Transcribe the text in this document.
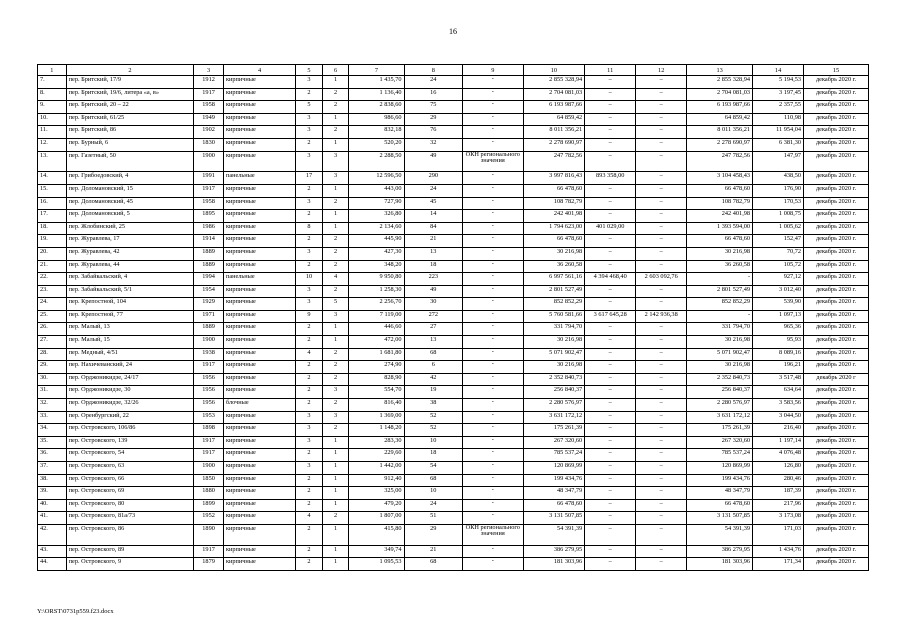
16
1	2	3	4	5	6	7	8	9	10	11	12	13	14	15
7.	пер. Бритский, 17/9	1912	кирпичные	3	1	1 435,70	24	-	2 855 328,94	–	–	2 855 328,94	5 194,53	декабрь 2020 г.
8.	пер. Бритский, 19/6, литера «а, в»	1917	кирпичные	2	2	1 136,40	16	-	2 704 081,03	–	–	2 704 081,03	3 197,45	декабрь 2020 г.
9.	пер. Бритский, 20 – 22	1958	кирпичные	5	2	2 838,60	75	-	6 193 987,66	–	–	6 193 987,66	2 357,55	декабрь 2020 г.
10.	пер. Бритский, 61/25	1949	кирпичные	3	1	986,60	29	-	64 859,42	–	–	64 859,42	110,98	декабрь 2020 г.
11.	пер. Бритский, 86	1902	кирпичные	3	2	832,18	76	-	8 011 356,21	–	–	8 011 356,21	11 954,04	декабрь 2020 г.
12.	пер. Бурный, 6	1830	кирпичные	2	1	520,20	32	-	2 278 690,97	–	–	2 278 690,97	6 381,30	декабрь 2020 г.
13.	пер. Газетный, 50	1900	кирпичные	3	3	2 288,50	49	ОКН регионального значения	247 782,56	–	–	247 782,56	147,97	декабрь 2020 г.
14.	пер. Грибоедовский, 4	1991	панельные	17	3	12 596,50	290	-	3 997 816,43	893 358,00	–	3 104 458,43	438,50	декабрь 2020 г.
15.	пер. Доломановский, 15	1917	кирпичные	2	1	443,00	24	-	66 478,60	–	–	66 478,60	176,90	декабрь 2020 г.
16.	пер. Доломановский, 45	1958	кирпичные	3	2	727,90	45	-	108 782,79	–	–	108 782,79	170,53	декабрь 2020 г.
17.	пер. Доломановский, 5	1895	кирпичные	2	1	326,80	14	-	242 401,98	–	–	242 401,98	1 008,75	декабрь 2020 г.
18.	пер. Жлобинский, 25	1986	кирпичные	8	1	2 134,60	84	-	1 794 623,00	401 029,00	–	1 393 594,00	1 005,62	декабрь 2020 г.
19.	пер. Журавлева, 17	1914	кирпичные	2	2	445,90	21	-	66 478,60	–	–	66 478,60	152,47	декабрь 2020 г.
20.	пер. Журавлева, 42	1889	кирпичные	3	2	427,30	13	-	30 216,98	–	–	30 216,98	70,72	декабрь 2020 г.
21.	пер. Журавлева, 44	1889	кирпичные	2	2	348,20	18	-	36 260,58	–	–	36 260,58	105,72	декабрь 2020 г.
22.	пер. Забайкальский, 4	1994	панельные	10	4	9 950,80	223	-	6 997 561,16	4 394 468,40	2 603 092,76	-	927,12	декабрь 2020 г.
23.	пер. Забайкальский, 5/1	1954	кирпичные	3	2	1 258,30	49	-	2 801 527,49	–	–	2 801 527,49	3 012,40	декабрь 2020 г.
24.	пер. Крепостной, 104	1929	кирпичные	3	5	2 256,70	30	-	852 852,29	–	–	852 852,29	539,90	декабрь 2020 г.
25.	пер. Крепостной, 77	1971	кирпичные	9	3	7 119,00	272	-	5 760 581,66	3 617 645,28	2 142 936,38	-	1 097,13	декабрь 2020 г.
26.	пер. Малый, 13	1889	кирпичные	2	1	446,60	27	-	331 794,70	–	–	331 794,70	965,36	декабрь 2020 г.
27.	пер. Малый, 15	1900	кирпичные	2	1	472,00	13	-	30 216,98	–	–	30 216,98	95,93	декабрь 2020 г.
28.	пер. Медный, 4/51	1938	кирпичные	4	2	1 681,80	68	-	5 071 902,47	–	–	5 071 902,47	8 089,16	декабрь 2020 г.
29.	пер. Нахичеванский, 24	1917	кирпичные	2	2	274,90	6	-	30 216,98	–	–	30 216,98	196,21	декабрь 2020 г.
30.	пер. Орджоникидзе, 24/17	1956	кирпичные	2	2	828,90	42	-	2 352 840,73	–	–	2 352 840,73	3 517,48	декабрь 2020 г
31.	пер. Орджоникидзе, 30	1956	кирпичные	2	3	554,70	19	-	256 840,37	–	–	256 840,37	634,64	декабрь 2020 г.
32.	пер. Орджоникидзе, 32/26	1956	блочные	2	2	816,40	38	-	2 280 576,97	–	–	2 280 576,97	3 583,56	декабрь 2020 г.
33.	пер. Оренбургский, 22	1953	кирпичные	3	3	1 369,00	52	-	3 631 172,12	–	–	3 631 172,12	3 044,50	декабрь 2020 г.
34.	пер. Островского, 106/86	1898	кирпичные	3	2	1 148,20	52	-	175 261,39	–	–	175 261,39	216,40	декабрь 2020 г.
35.	пер. Островского, 139	1917	кирпичные	3	1	283,30	10	-	267 320,60	–	–	267 320,60	1 197,14	декабрь 2020 г.
36.	пер. Островского, 54	1917	кирпичные	2	1	229,60	18	-	785 537,24	–	–	785 537,24	4 076,48	декабрь 2020 г.
37.	пер. Островского, 63	1900	кирпичные	3	1	1 442,00	54	-	120 869,99	–	–	120 869,99	126,80	декабрь 2020 г.
38.	пер. Островского, 66	1850	кирпичные	2	1	912,40	68	-	199 434,76	–	–	199 434,76	280,46	декабрь 2020 г.
39.	пер. Островского, 69	1880	кирпичные	2	1	325,00	10	-	48 347,79	–	–	48 347,79	187,39	декабрь 2020 г.
40.	пер. Островского, 80	1899	кирпичные	2	1	479,20	24	-	66 478,60	–	–	66 478,60	217,96	декабрь 2020 г.
41.	пер. Островского, 81а/73	1952	кирпичные	4	2	1 807,00	51	-	3 131 507,85	–	–	3 131 507,85	3 173,08	декабрь 2020 г.
42.	пер. Островского, 86	1890	кирпичные	2	1	415,80	29	ОКН регионального значения	54 391,39	–	–	54 391,39	171,03	декабрь 2020 г.
43.	пер. Островского, 89	1917	кирпичные	2	1	349,74	21	-	386 279,95	–	–	386 279,95	1 434,76	декабрь 2020 г.
44.	пер. Островского, 9	1879	кирпичные	2	1	1 095,53	68	-	181 303,96	–	–	181 303,96	171,34	декабрь 2020 г.
Y:\ORST\0731p559.f23.docx
